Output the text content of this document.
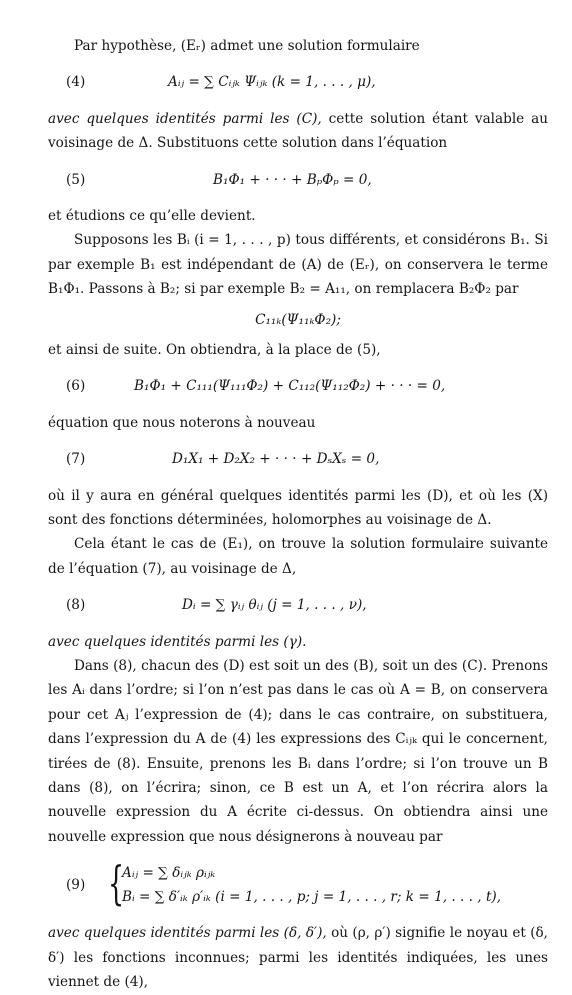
Par hypothèse, (Eᵣ) admet une solution formulaire

(4)	Aᵢⱼ = ∑ Cᵢⱼₖ Ψᵢⱼₖ (k = 1, . . . , μ),

avec quelques identités parmi les (C), cette solution étant valable au voisinage de Δ. Substituons cette solution dans l’équation

(5)	B₁Φ₁ + · · · + BₚΦₚ = 0,

et étudions ce qu’elle devient.

Supposons les Bᵢ (i = 1, . . . , p) tous différents, et considérons B₁. Si par exemple B₁ est indépendant de (A) de (Eᵣ), on conservera le terme B₁Φ₁. Passons à B₂; si par exemple B₂ = A₁₁, on remplacera B₂Φ₂ par

C₁₁ₖ(Ψ₁₁ₖΦ₂);

et ainsi de suite. On obtiendra, à la place de (5),

(6)	B₁Φ₁ + C₁₁₁(Ψ₁₁₁Φ₂) + C₁₁₂(Ψ₁₁₂Φ₂) + · · · = 0,

équation que nous noterons à nouveau

(7)	D₁X₁ + D₂X₂ + · · · + DₛXₛ = 0,

où il y aura en général quelques identités parmi les (D), et où les (X) sont des fonctions déterminées, holomorphes au voisinage de Δ.

Cela étant le cas de (E₁), on trouve la solution formulaire suivante de l’équation (7), au voisinage de Δ,

(8)	Dᵢ = ∑ γᵢⱼ θᵢⱼ (j = 1, . . . , ν),

avec quelques identités parmi les (γ).

Dans (8), chacun des (D) est soit un des (B), soit un des (C). Prenons les Aᵢ dans l’ordre; si l’on n’est pas dans le cas où A = B, on conservera pour cet Aⱼ l’expression de (4); dans le cas contraire, on substituera, dans l’expression du A de (4) les expressions des Cᵢⱼₖ qui le concernent, tirées de (8). Ensuite, prenons les Bᵢ dans l’ordre; si l’on trouve un B dans (8), on l’écrira; sinon, ce B est un A, et l’on récrira alors la nouvelle expression du A écrite ci-dessus. On obtiendra ainsi une nouvelle expression que nous désignerons à nouveau par

(9) {
Aᵢⱼ = ∑ δᵢⱼₖ ρᵢⱼₖ
Bᵢ = ∑ δ′ᵢₖ ρ′ᵢₖ (i = 1, . . . , p; j = 1, . . . , r; k = 1, . . . , t),

avec quelques identités parmi les (δ, δ′), où (ρ, ρ′) signifie le noyau et (δ, δ′) les fonctions inconnues; parmi les identités indiquées, les unes viennet de (4),
